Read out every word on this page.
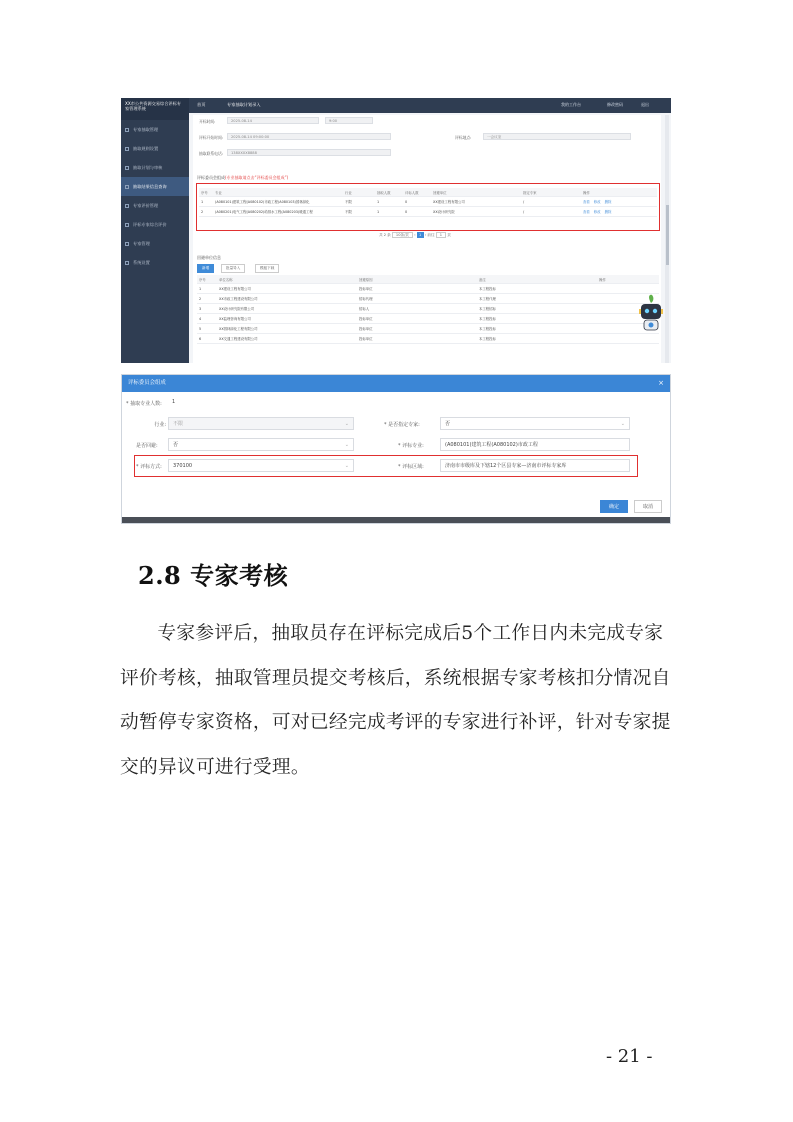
XX市公共资源交易综合评标专家管理系统
专家抽取管理
抽取规则设置
抽取计划与审核
抽取结果信息查询
专家评价管理
评标专家综合评价
专家管理
系统设置
首页	专家抽取计划录入	我的工作台	修改密码	退出
开标时间:	2025-08-14	9:00
评标开始时间:	2025-08-14 09:00:00	评标地点:	一会议室
抽取联系电话:	138XXXX8888
评标委员会组成(专业抽取请点击“评标委员会组成”)
序号	专业	行业	抽取人数	评标人数	回避单位	指定专家	操作
1	(A080101)建筑工程(A080102)市政工程(A080103)园林绿化	不限	1	0	XX建设工程有限公司	/	查看 修改 删除
2	(A080201)电气工程(A080202)给排水工程(A080203)暖通工程	不限	1	0	XX设计研究院	/	查看 修改 删除
共 2 条 10条/页 ‹ 1 › 前往 1 页
回避单位信息
新增	批量导入	模板下载
序号	单位名称	回避原因	备注	操作
1	XX建设工程有限公司	投标单位	本工程投标	
2	XX市政工程建设有限公司	招标代理	本工程代理	
3	XX设计研究院有限公司	招标人	本工程招标	
4	XX监理咨询有限公司	投标单位	本工程投标	
5	XX园林绿化工程有限公司	投标单位	本工程投标	
6	XX交通工程建设有限公司	投标单位	本工程投标	
评标委员会组成	×
* 抽取专业人数:	1
行业:	不限	⌄	* 是否指定专家:	否	⌄
是否回避:	否	⌄	* 评标专业:	(A080101)建筑工程(A080102)市政工程
* 评标方式:	370100	⌄	* 评标区域:	济南市市级库及下辖12个区县专家—济南市评标专家库
确定	取消
2.8 专家考核

专家参评后，抽取员存在评标完成后5个工作日内未完成专家评价考核，抽取管理员提交考核后，系统根据专家考核扣分情况自动暂停专家资格，可对已经完成考评的专家进行补评，针对专家提交的异议可进行受理。

- 21 -
